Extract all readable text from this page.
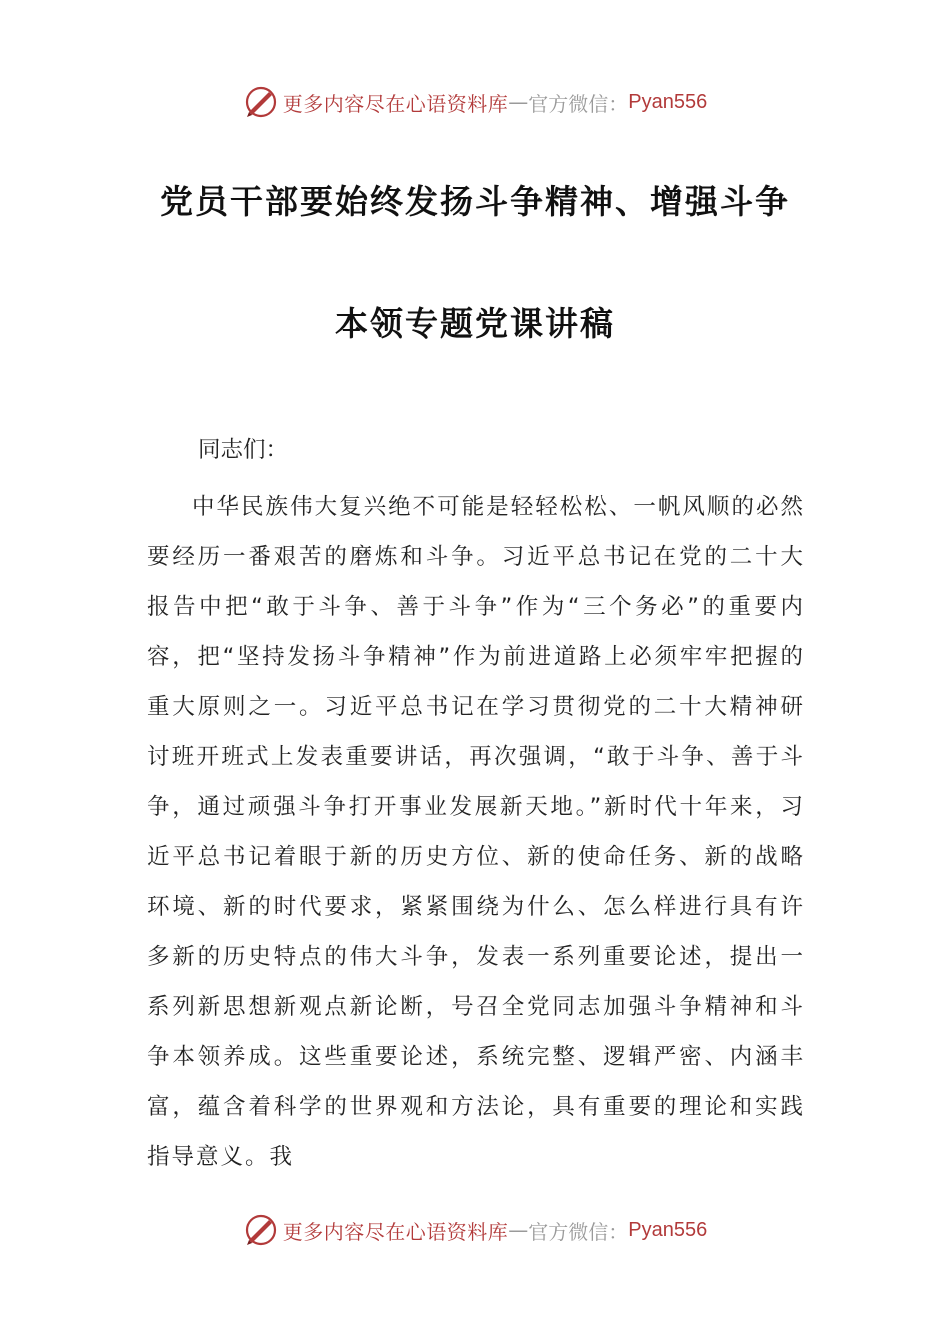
更多内容尽在心语资料库 — 官方微信： Pyan556
党员干部要始终发扬斗争精神、增强斗争
本领专题党课讲稿
同志们：
中华民族伟大复兴绝不可能是轻轻松松、一帆风顺的必然要经历一番艰苦的磨炼和斗争。习近平总书记在党的二十大报告中把“敢于斗争、善于斗争”作为“三个务必”的重要内容，把“坚持发扬斗争精神”作为前进道路上必须牢牢把握的重大原则之一。习近平总书记在学习贯彻党的二十大精神研讨班开班式上发表重要讲话，再次强调，“敢于斗争、善于斗争，通过顽强斗争打开事业发展新天地。”新时代十年来，习近平总书记着眼于新的历史方位、新的使命任务、新的战略环境、新的时代要求，紧紧围绕为什么、怎么样进行具有许多新的历史特点的伟大斗争，发表一系列重要论述，提出一系列新思想新观点新论断，号召全党同志加强斗争精神和斗争本领养成。这些重要论述，系统完整、逻辑严密、内涵丰富，蕴含着科学的世界观和方法论，具有重要的理论和实践指导意义。我
更多内容尽在心语资料库 — 官方微信： Pyan556
